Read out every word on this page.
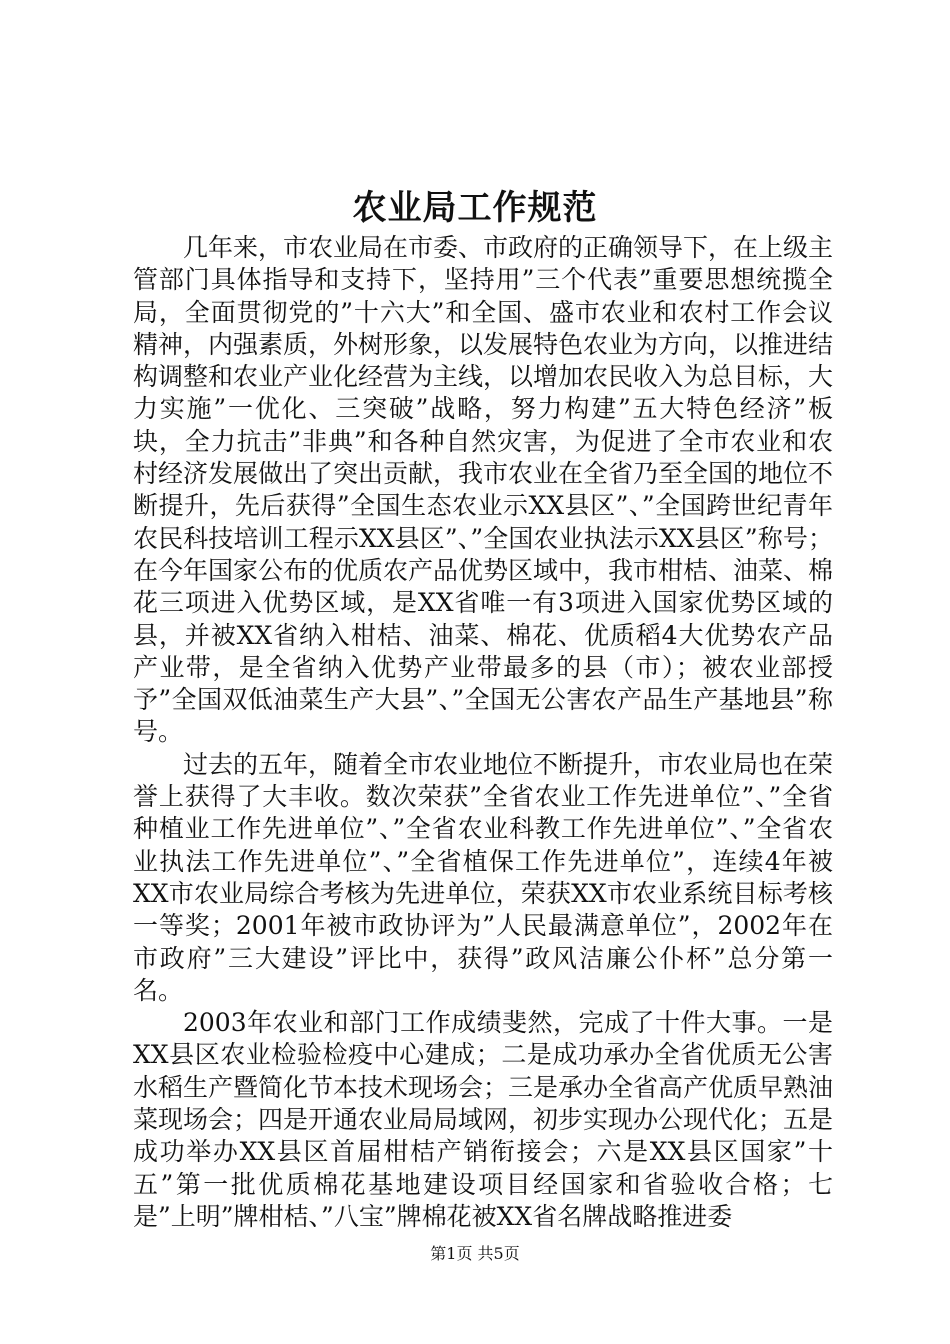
农业局工作规范

几年来，市农业局在市委、市政府的正确领导下，在上级主管部门具体指导和支持下，坚持用”三个代表”重要思想统揽全局，全面贯彻党的”十六大”和全国、盛市农业和农村工作会议精神，内强素质，外树形象，以发展特色农业为方向，以推进结构调整和农业产业化经营为主线，以增加农民收入为总目标，大力实施”一优化、三突破”战略，努力构建”五大特色经济”板块，全力抗击”非典”和各种自然灾害，为促进了全市农业和农村经济发展做出了突出贡献，我市农业在全省乃至全国的地位不断提升，先后获得”全国生态农业示XX县区”、”全国跨世纪青年农民科技培训工程示XX县区”、”全国农业执法示XX县区”称号；在今年国家公布的优质农产品优势区域中，我市柑桔、油菜、棉花三项进入优势区域，是XX省唯一有3项进入国家优势区域的县，并被XX省纳入柑桔、油菜、棉花、优质稻4大优势农产品产业带，是全省纳入优势产业带最多的县（市）；被农业部授予”全国双低油菜生产大县”、”全国无公害农产品生产基地县”称号。

过去的五年，随着全市农业地位不断提升，市农业局也在荣誉上获得了大丰收。数次荣获”全省农业工作先进单位”、”全省种植业工作先进单位”、”全省农业科教工作先进单位”、”全省农业执法工作先进单位”、”全省植保工作先进单位”，连续4年被XX市农业局综合考核为先进单位，荣获XX市农业系统目标考核一等奖；2001年被市政协评为”人民最满意单位”，2002年在市政府”三大建设”评比中，获得”政风洁廉公仆杯”总分第一名。

2003年农业和部门工作成绩斐然，完成了十件大事。一是XX县区农业检验检疫中心建成；二是成功承办全省优质无公害水稻生产暨简化节本技术现场会；三是承办全省高产优质早熟油菜现场会；四是开通农业局局域网，初步实现办公现代化；五是成功举办XX县区首届柑桔产销衔接会；六是XX县区国家”十五”第一批优质棉花基地建设项目经国家和省验收合格；七是”上明”牌柑桔、”八宝”牌棉花被XX省名牌战略推进委

第1页 共5页
